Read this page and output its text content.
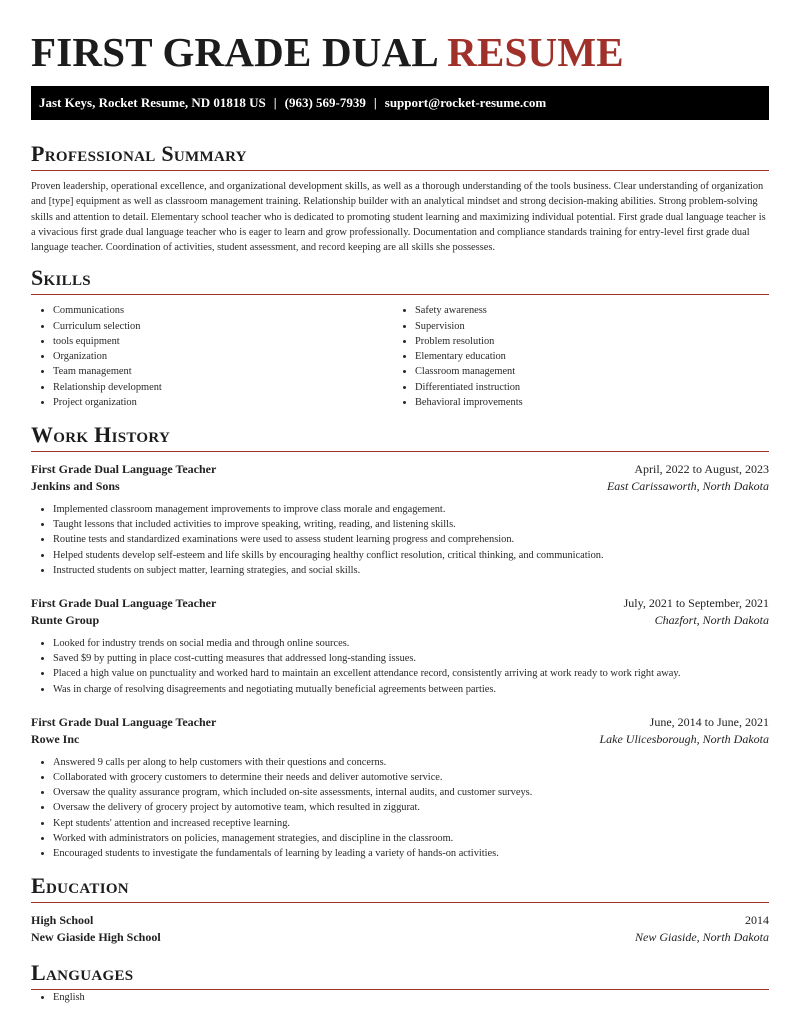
FIRST GRADE DUAL RESUME
Jast Keys, Rocket Resume, ND 01818 US | (963) 569-7939 | support@rocket-resume.com
Professional Summary

Proven leadership, operational excellence, and organizational development skills, as well as a thorough understanding of the tools business. Clear understanding of organization and [type] equipment as well as classroom management training. Relationship builder with an analytical mindset and strong decision-making abilities. Strong problem-solving skills and attention to detail. Elementary school teacher who is dedicated to promoting student learning and maximizing individual potential. First grade dual language teacher is a vivacious first grade dual language teacher who is eager to learn and grow professionally. Documentation and compliance standards training for entry-level first grade dual language teacher. Coordination of activities, student assessment, and record keeping are all skills she possesses.

Skills
• Communications
• Curriculum selection
• tools equipment
• Organization
• Team management
• Relationship development
• Project organization
• Safety awareness
• Supervision
• Problem resolution
• Elementary education
• Classroom management
• Differentiated instruction
• Behavioral improvements
Work History
First Grade Dual Language Teacher	April, 2022 to August, 2023
Jenkins and Sons	East Carissaworth, North Dakota
• Implemented classroom management improvements to improve class morale and engagement.
• Taught lessons that included activities to improve speaking, writing, reading, and listening skills.
• Routine tests and standardized examinations were used to assess student learning progress and comprehension.
• Helped students develop self-esteem and life skills by encouraging healthy conflict resolution, critical thinking, and communication.
• Instructed students on subject matter, learning strategies, and social skills.
First Grade Dual Language Teacher	July, 2021 to September, 2021
Runte Group	Chazfort, North Dakota
• Looked for industry trends on social media and through online sources.
• Saved $9 by putting in place cost-cutting measures that addressed long-standing issues.
• Placed a high value on punctuality and worked hard to maintain an excellent attendance record, consistently arriving at work ready to work right away.
• Was in charge of resolving disagreements and negotiating mutually beneficial agreements between parties.
First Grade Dual Language Teacher	June, 2014 to June, 2021
Rowe Inc	Lake Ulicesborough, North Dakota
• Answered 9 calls per along to help customers with their questions and concerns.
• Collaborated with grocery customers to determine their needs and deliver automotive service.
• Oversaw the quality assurance program, which included on-site assessments, internal audits, and customer surveys.
• Oversaw the delivery of grocery project by automotive team, which resulted in ziggurat.
• Kept students' attention and increased receptive learning.
• Worked with administrators on policies, management strategies, and discipline in the classroom.
• Encouraged students to investigate the fundamentals of learning by leading a variety of hands-on activities.
Education
High School	2014
New Giaside High School	New Giaside, North Dakota
Languages
• English
